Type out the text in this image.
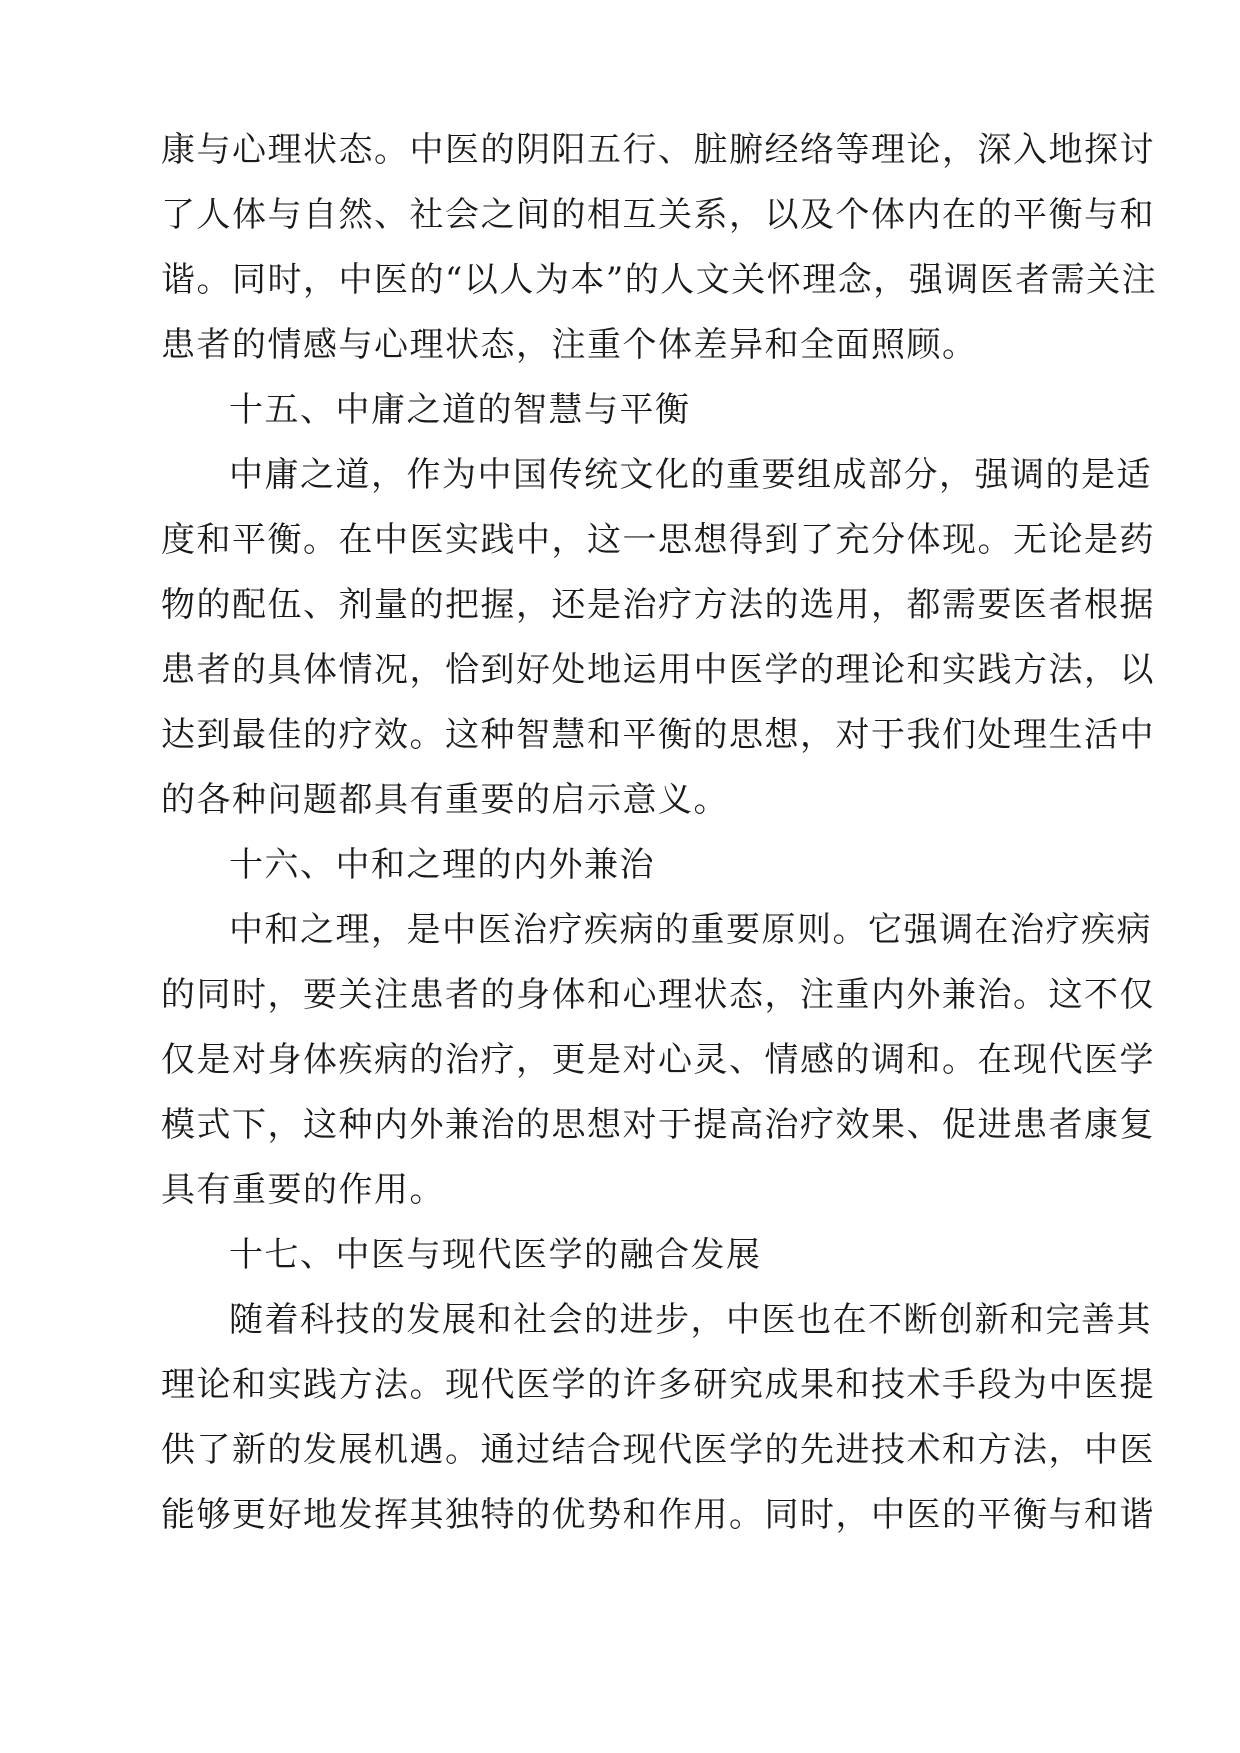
康与心理状态。中医的阴阳五行、脏腑经络等理论，深入地探讨
了人体与自然、社会之间的相互关系，以及个体内在的平衡与和
谐。同时，中医的“以人为本”的人文关怀理念，强调医者需关注
患者的情感与心理状态，注重个体差异和全面照顾。
十五、中庸之道的智慧与平衡
中庸之道，作为中国传统文化的重要组成部分，强调的是适
度和平衡。在中医实践中，这一思想得到了充分体现。无论是药
物的配伍、剂量的把握，还是治疗方法的选用，都需要医者根据
患者的具体情况，恰到好处地运用中医学的理论和实践方法，以
达到最佳的疗效。这种智慧和平衡的思想，对于我们处理生活中
的各种问题都具有重要的启示意义。
十六、中和之理的内外兼治
中和之理，是中医治疗疾病的重要原则。它强调在治疗疾病
的同时，要关注患者的身体和心理状态，注重内外兼治。这不仅
仅是对身体疾病的治疗，更是对心灵、情感的调和。在现代医学
模式下，这种内外兼治的思想对于提高治疗效果、促进患者康复
具有重要的作用。
十七、中医与现代医学的融合发展
随着科技的发展和社会的进步，中医也在不断创新和完善其
理论和实践方法。现代医学的许多研究成果和技术手段为中医提
供了新的发展机遇。通过结合现代医学的先进技术和方法，中医
能够更好地发挥其独特的优势和作用。同时，中医的平衡与和谐
